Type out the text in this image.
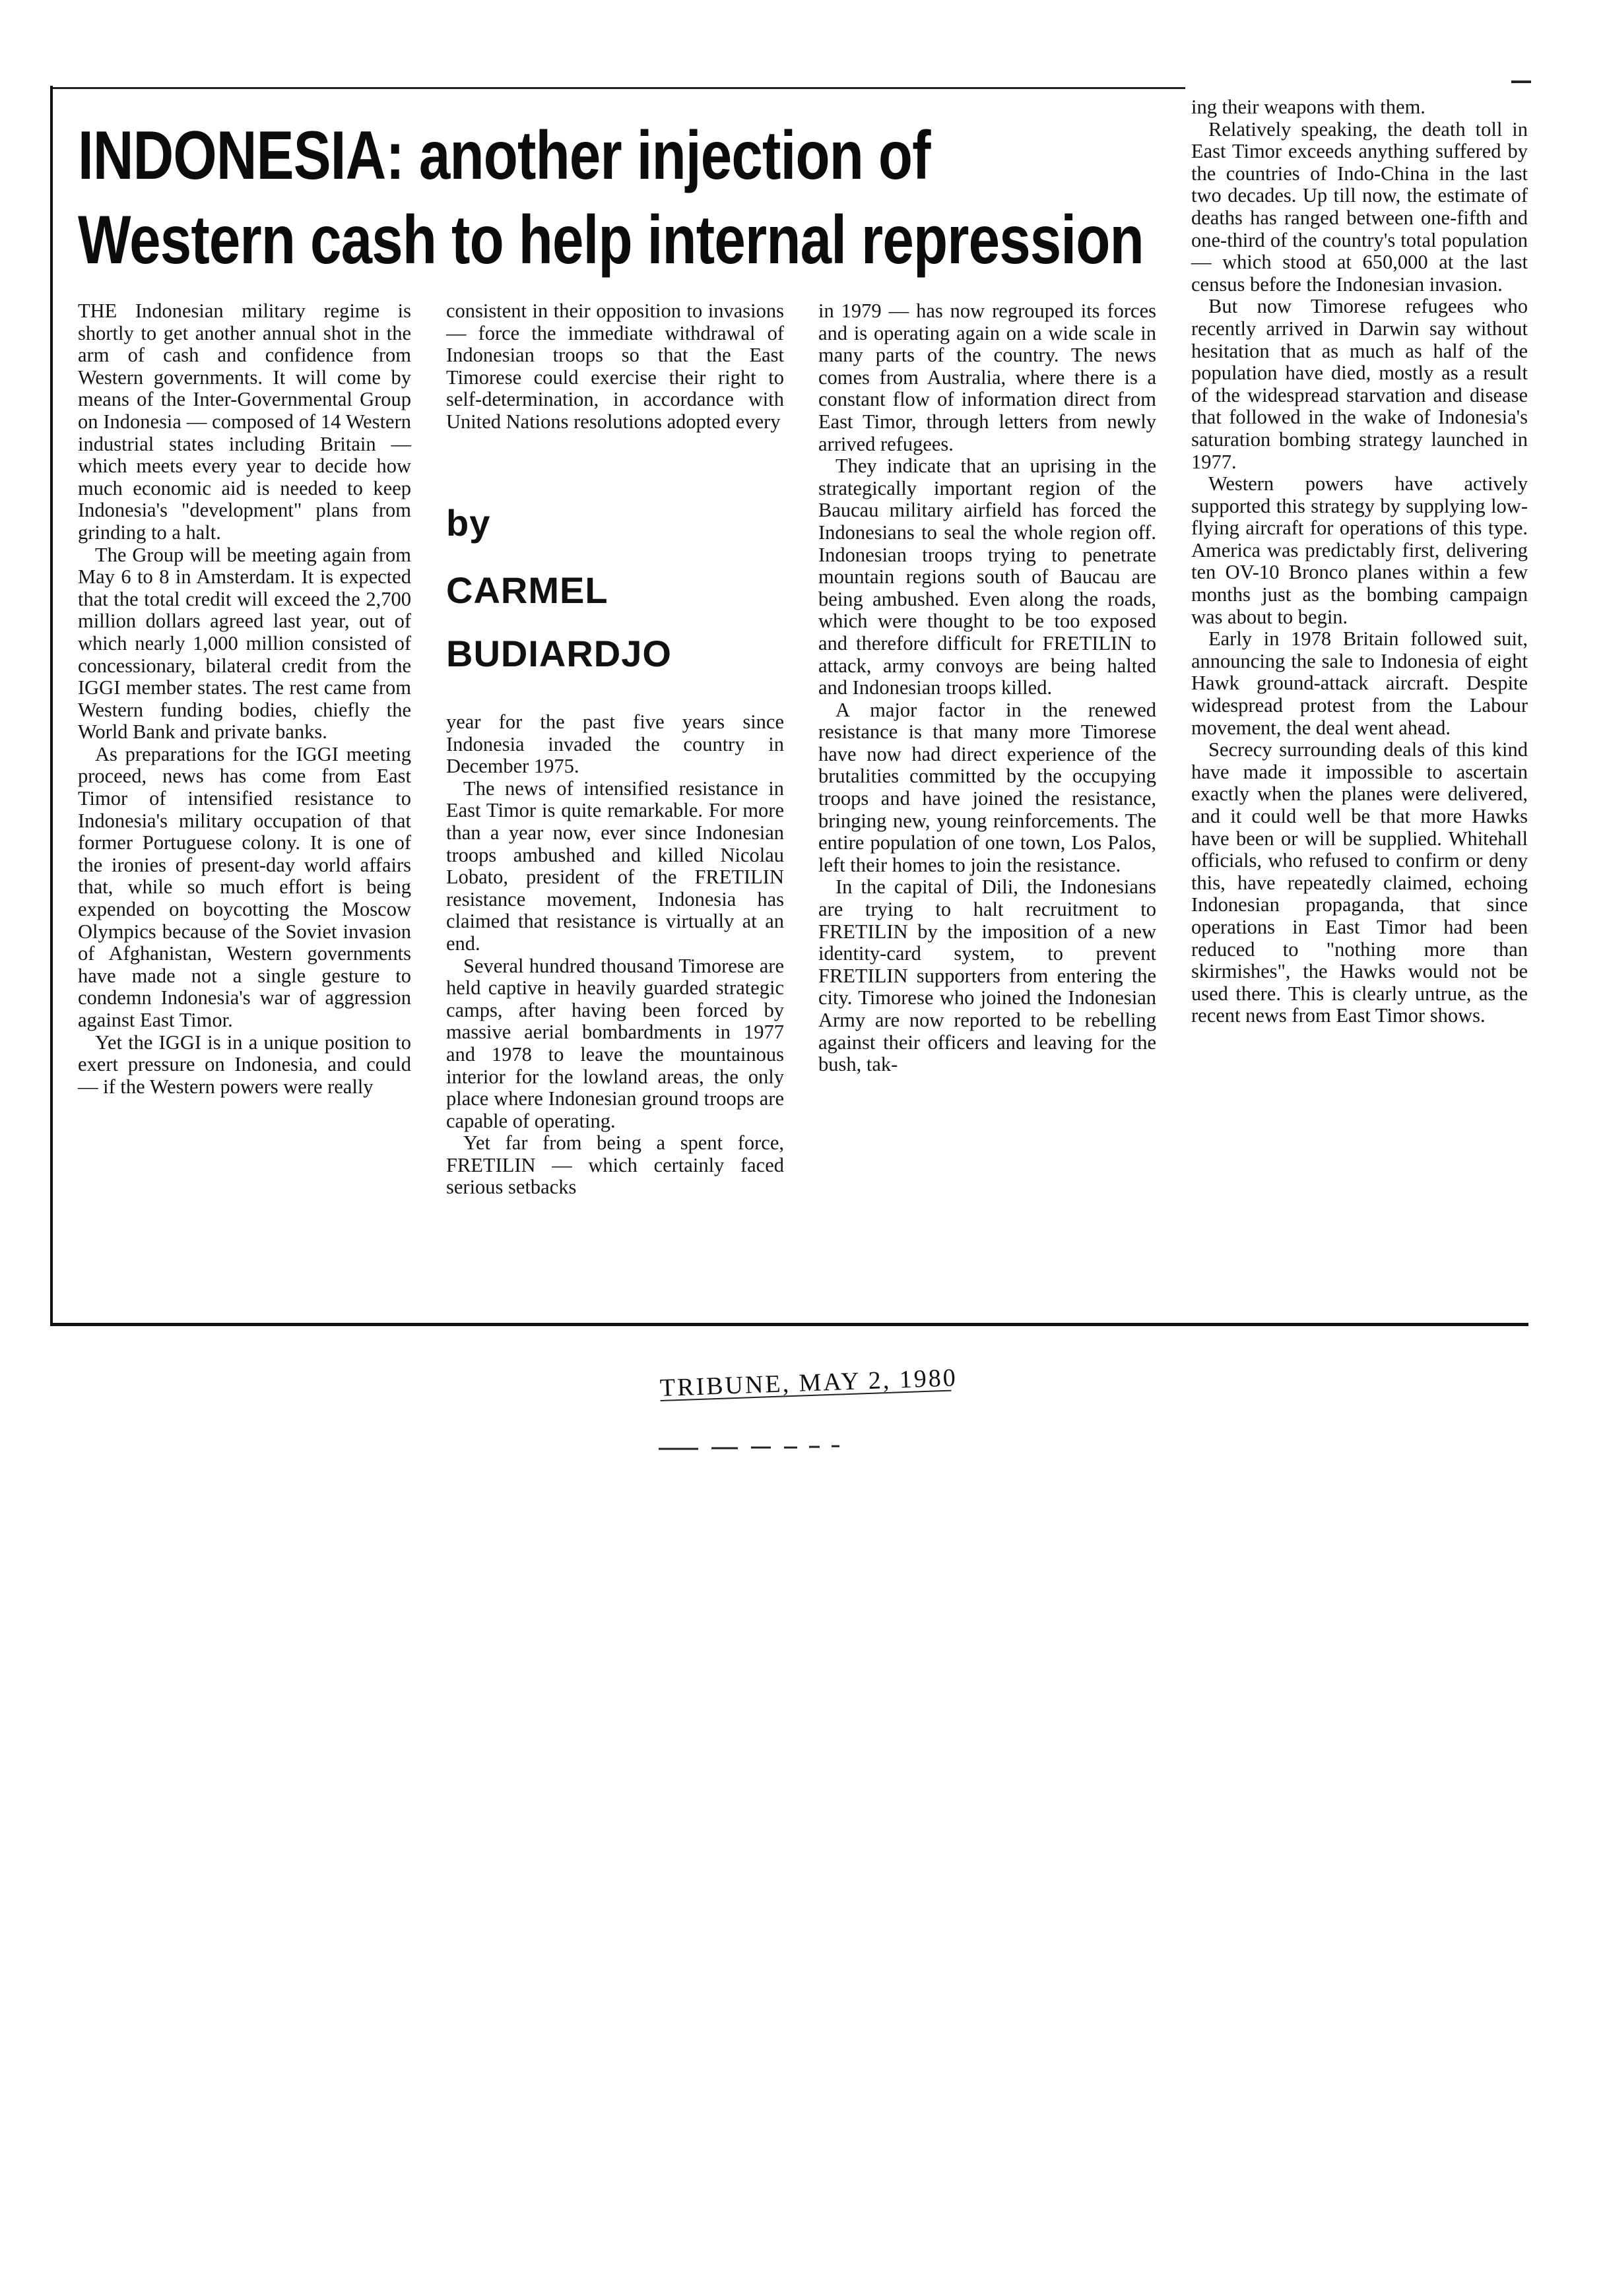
INDONESIA: another injection of
Western cash to help internal repression

THE Indonesian military regime is shortly to get another annual shot in the arm of cash and confidence from Western governments. It will come by means of the Inter-Governmental Group on Indonesia — composed of 14 Western industrial states including Britain — which meets every year to decide how much economic aid is needed to keep Indonesia's "development" plans from grinding to a halt.

The Group will be meeting again from May 6 to 8 in Amsterdam. It is expected that the total credit will exceed the 2,700 million dollars agreed last year, out of which nearly 1,000 million consisted of concessionary, bilateral credit from the IGGI member states. The rest came from Western funding bodies, chiefly the World Bank and private banks.

As preparations for the IGGI meeting proceed, news has come from East Timor of intensified resistance to Indonesia's military occupation of that former Portuguese colony. It is one of the ironies of present-day world affairs that, while so much effort is being expended on boycotting the Moscow Olympics because of the Soviet invasion of Afghanistan, Western governments have made not a single gesture to condemn Indonesia's war of aggression against East Timor.

Yet the IGGI is in a unique position to exert pressure on Indonesia, and could — if the Western powers were really

consistent in their opposition to invasions — force the immediate withdrawal of Indonesian troops so that the East Timorese could exercise their right to self-determination, in accordance with United Nations resolutions adopted every

by
CARMEL
BUDIARDJO

year for the past five years since Indonesia invaded the country in December 1975.

The news of intensified resistance in East Timor is quite remarkable. For more than a year now, ever since Indonesian troops ambushed and killed Nicolau Lobato, president of the FRETILIN resistance movement, Indonesia has claimed that resistance is virtually at an end.

Several hundred thousand Timorese are held captive in heavily guarded strategic camps, after having been forced by massive aerial bombardments in 1977 and 1978 to leave the mountainous interior for the lowland areas, the only place where Indonesian ground troops are capable of operating.

Yet far from being a spent force, FRETILIN — which certainly faced serious setbacks

in 1979 — has now regrouped its forces and is operating again on a wide scale in many parts of the country. The news comes from Australia, where there is a constant flow of information direct from East Timor, through letters from newly arrived refugees.

They indicate that an uprising in the strategically important region of the Baucau military airfield has forced the Indonesians to seal the whole region off. Indonesian troops trying to penetrate mountain regions south of Baucau are being ambushed. Even along the roads, which were thought to be too exposed and therefore difficult for FRETILIN to attack, army convoys are being halted and Indonesian troops killed.

A major factor in the renewed resistance is that many more Timorese have now had direct experience of the brutalities committed by the occupying troops and have joined the resistance, bringing new, young reinforcements. The entire population of one town, Los Palos, left their homes to join the resistance.

In the capital of Dili, the Indonesians are trying to halt recruitment to FRETILIN by the imposition of a new identity-card system, to prevent FRETILIN supporters from entering the city. Timorese who joined the Indonesian Army are now reported to be rebelling against their officers and leaving for the bush, tak-

ing their weapons with them.

Relatively speaking, the death toll in East Timor exceeds anything suffered by the countries of Indo-China in the last two decades. Up till now, the estimate of deaths has ranged between one-fifth and one-third of the country's total population — which stood at 650,000 at the last census before the Indonesian invasion.

But now Timorese refugees who recently arrived in Darwin say without hesitation that as much as half of the population have died, mostly as a result of the widespread starvation and disease that followed in the wake of Indonesia's saturation bombing strategy launched in 1977.

Western powers have actively supported this strategy by supplying low-flying aircraft for operations of this type. America was predictably first, delivering ten OV-10 Bronco planes within a few months just as the bombing campaign was about to begin.

Early in 1978 Britain followed suit, announcing the sale to Indonesia of eight Hawk ground-attack aircraft. Despite widespread protest from the Labour movement, the deal went ahead.

Secrecy surrounding deals of this kind have made it impossible to ascertain exactly when the planes were delivered, and it could well be that more Hawks have been or will be supplied. Whitehall officials, who refused to confirm or deny this, have repeatedly claimed, echoing Indonesian propaganda, that since operations in East Timor had been reduced to "nothing more than skirmishes", the Hawks would not be used there. This is clearly untrue, as the recent news from East Timor shows.

TRIBUNE, MAY 2, 1980
